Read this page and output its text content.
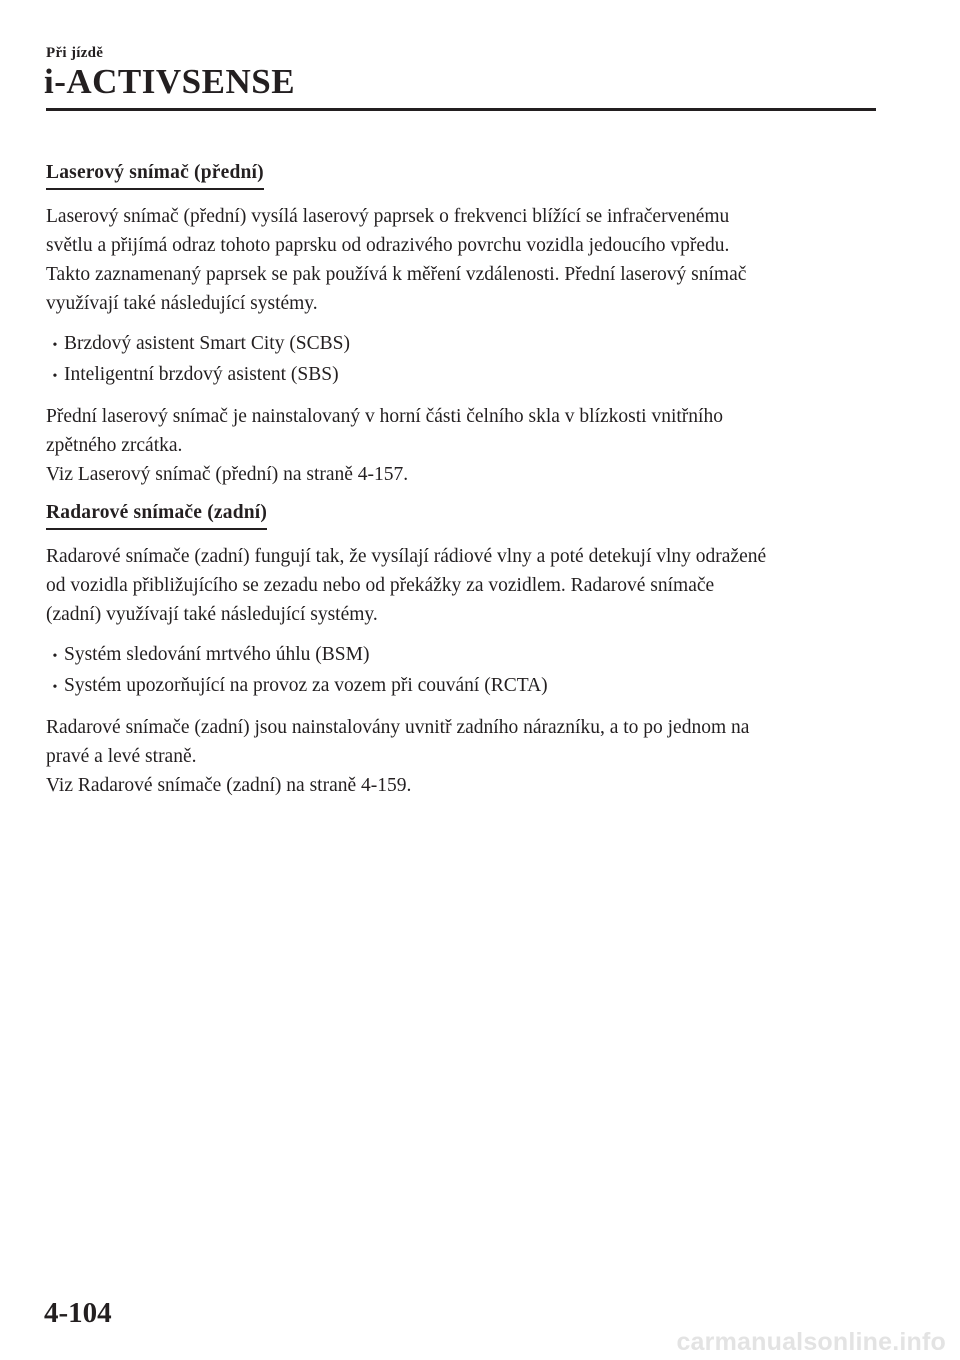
Při jízdě
i-ACTIVSENSE
Laserový snímač (přední)

Laserový snímač (přední) vysílá laserový paprsek o frekvenci blížící se infračervenému
světlu a přijímá odraz tohoto paprsku od odrazivého povrchu vozidla jedoucího vpředu.
Takto zaznamenaný paprsek se pak používá k měření vzdálenosti. Přední laserový snímač
využívají také následující systémy.

• Brzdový asistent Smart City (SCBS)
• Inteligentní brzdový asistent (SBS)

Přední laserový snímač je nainstalovaný v horní části čelního skla v blízkosti vnitřního
zpětného zrcátka.
Viz Laserový snímač (přední) na straně 4-157.

Radarové snímače (zadní)

Radarové snímače (zadní) fungují tak, že vysílají rádiové vlny a poté detekují vlny odražené
od vozidla přibližujícího se zezadu nebo od překážky za vozidlem. Radarové snímače
(zadní) využívají také následující systémy.

• Systém sledování mrtvého úhlu (BSM)
• Systém upozorňující na provoz za vozem při couvání (RCTA)

Radarové snímače (zadní) jsou nainstalovány uvnitř zadního nárazníku, a to po jednom na
pravé a levé straně.
Viz Radarové snímače (zadní) na straně 4-159.

4-104
carmanualsonline.info
